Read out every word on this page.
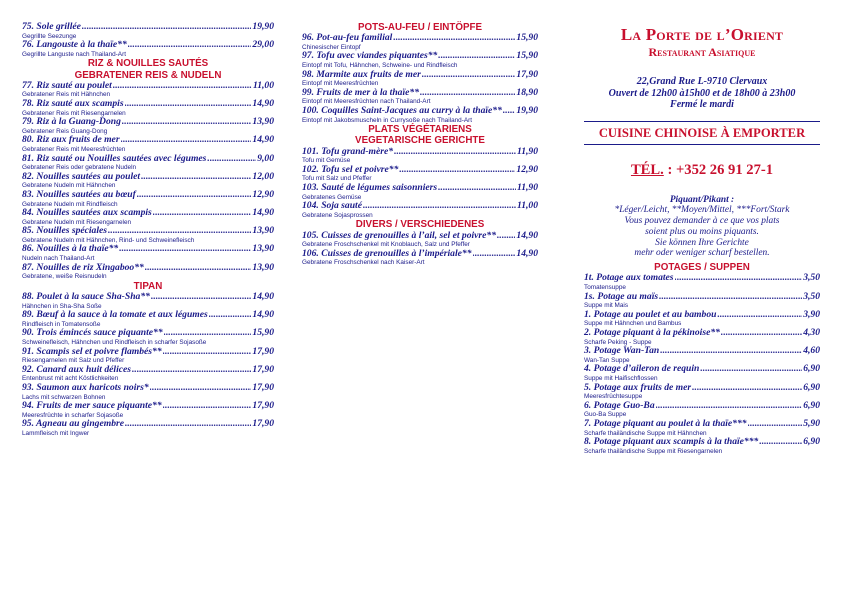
75. Sole grillée .....	19,90
Gegrillte Seezunge
76. Langouste à la thaïe** .....	29,00
Gegrillte Languste nach Thailand-Art
RIZ & NOUILLES SAUTÉS
GEBRATENER REIS & NUDELN
77. Riz sauté au poulet .....	11,00
Gebratener Reis mit Hähnchen
78. Riz sauté aux scampis .....	14,90
Gebratener Reis mit Riesengarnelen
79. Riz à la Guang-Dong .....	13,90
Gebratener Reis Guang-Dong
80. Riz aux fruits de mer .....	14,90
Gebratener Reis mit Meeresfrüchten
81. Riz sauté ou Nouilles sautées avec légumes .....	9,00
Gebratener Reis oder gebratene Nudeln
82. Nouilles sautées au poulet .....	12,00
Gebratene Nudeln mit Hähnchen
83. Nouilles sautées au bœuf .....	12,90
Gebratene Nudeln mit Rindfleisch
84. Nouilles sautées aux scampis .....	14,90
Gebratene Nudeln mit Riesengarnelen
85. Nouilles spéciales .....	13,90
Gebratene Nudeln mit Hähnchen, Rind- und Schweinefleisch
86. Nouilles à la thaïe** .....	13,90
Nudeln nach Thailand-Art
87. Nouilles de riz Xingaboo** .....	13,90
Gebratene, weiße Reisnudeln
TIPAN
88. Poulet à la sauce Sha-Sha** .....	14,90
Hähnchen in Sha-Sha Soße
89. Bœuf à la sauce à la tomate et aux légumes .....	14,90
Rindfleisch in Tomatensoße
90. Trois émincés sauce piquante** .....	15,90
Schweinefleisch, Hähnchen und Rindfleisch in scharfer Sojasoße
91. Scampis sel et poivre flambés** .....	17,90
Riesengarnelen mit Salz und Pfeffer
92. Canard aux huit délices .....	17,90
Entenbrust mit acht Köstlichkeiten
93. Saumon aux haricots noirs* .....	17,90
Lachs mit schwarzen Bohnen
94. Fruits de mer sauce piquante** .....	17,90
Meeresfrüchte in scharfer Sojasoße
95. Agneau au gingembre .....	17,90
Lammfleisch mit Ingwer
POTS-AU-FEU / EINTÖPFE
96. Pot-au-feu familial .....	15,90
Chinesischer Eintopf
97. Tofu avec viandes piquantes** .....	15,90
Eintopf mit Tofu, Hähnchen, Schweine- und Rindfleisch
98. Marmite aux fruits de mer .....	17,90
Eintopf mit Meeresfrüchten
99. Fruits de mer à la thaïe** .....	18,90
Eintopf mit Meeresfrüchten nach Thailand-Art
100. Coquilles Saint-Jacques au curry à la thaïe** ..... 19,90
Eintopf mit Jakobsmuscheln in Currysoße nach Thailand-Art
PLATS VÉGÉTARIENS
VEGETARISCHE GERICHTE
101. Tofu grand-mère* .....	11,90
Tofu mit Gemüse
102. Tofu sel et poivre** .....	12,90
Tofu mit Salz und Pfeffer
103. Sauté de légumes saisonniers .....	11,90
Gebratenes Gemüse
104. Soja sauté .....	11,00
Gebratene Sojasprossen
DIVERS / VERSCHIEDENES
105. Cuisses de grenouilles à l’ail, sel et poivre** ..... 14,90
Gebratene Froschschenkel mit Knoblauch, Salz und Pfeffer
106. Cuisses de grenouilles à l’impériale** .....	14,90
Gebratene Froschschenkel nach Kaiser-Art
La Porte de l’Orient
Restaurant Asiatique
22,Grand Rue L-9710 Clervaux
Ouvert de 12h00 à15h00 et de 18h00 à 23h00
Fermé le mardi
CUISINE CHINOISE À EMPORTER
TÉL. : +352 26 91 27-1
Piquant/Pikant :
*Léger/Leicht, **Moyen/Mittel, ***Fort/Stark
Vous pouvez demander à ce que vos plats
soient plus ou moins piquants.
Sie können Ihre Gerichte
mehr oder weniger scharf bestellen.
POTAGES / SUPPEN
1t. Potage aux tomates .....	3,50
Tomatensuppe
1s. Potage au maïs .....	3,50
Suppe mit Mais
1. Potage au poulet et au bambou .....	3,90
Suppe mit Hähnchen und Bambus
2. Potage piquant à la pékinoise** .....	4,30
Scharfe Peking - Suppe
3. Potage Wan-Tan .....	4,60
Wan-Tan Suppe
4. Potage d’aileron de requin .....	6,90
Suppe mit Haifischflossen
5. Potage aux fruits de mer .....	6,90
Meeresfrüchtesuppe
6. Potage Guo-Ba .....	6,90
Guo-Ba Suppe
7. Potage piquant au poulet à la thaïe*** .....	5,90
Scharfe thailändische Suppe mit Hähnchen
8. Potage piquant aux scampis à la thaïe*** .....	6,90
Scharfe thailändische Suppe mit Riesengarnelen
